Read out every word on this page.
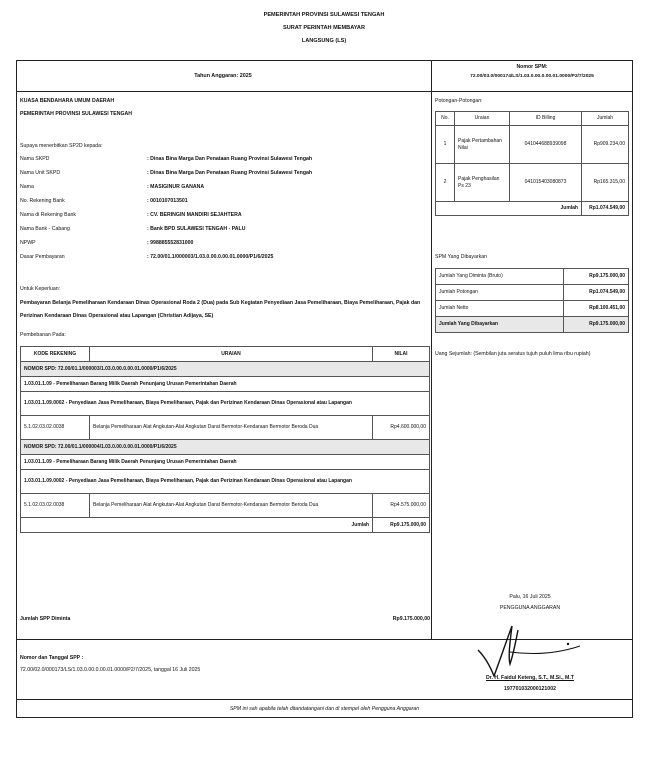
PEMERINTAH PROVINSI SULAWESI TENGAH
SURAT PERINTAH MEMBAYAR
LANGSUNG (LS)
Tahun Anggaran: 2025
Nomor SPM:
72.00/03.0/000174/LS/1.03.0.00.0.00.01.0000/P2/7/2025
KUASA BENDAHARA UMUM DAERAH
PEMERINTAH PROVINSI SULAWESI TENGAH
Supaya menerbitkan SP2D kepada:
Nama SKPD	: Dinas Bina Marga Dan Penataan Ruang Provinsi Sulawesi Tengah
Nama Unit SKPD	: Dinas Bina Marga Dan Penataan Ruang Provinsi Sulawesi Tengah
Nama	: MASIGINUR GANANA
No. Rekening Bank	: 0010107013501
Nama di Rekening Bank	: CV. BERINGIN MANDIRI SEJAHTERA
Nama Bank - Cabang	: Bank BPD SULAWESI TENGAH - PALU
NPWP	: 998885552831000
Dasar Pembayaran	: 72.00/01.1/000003/1.03.0.00.0.00.01.0000/P1/6/2025
Untuk Keperluan:
Pembayaran Belanja Pemeliharaan Kendaraan Dinas Operasional Roda 2 (Dua) pada Sub Kegiatan Penyediaan Jasa Pemeliharaan, Biaya Pemeliharaan, Pajak dan Perizinan Kendaraan Dinas Operasional atau Lapangan (Christian Adijaya, SE)
Pembebanan Pada:
KODE REKENING	URAIAN	NILAI
NOMOR SPD: 72.00/01.1/000003/1.03.0.00.0.00.01.0000/P1/6/2025		
1.03.01.1.09 - Pemeliharaan Barang Milik Daerah Penunjang Urusan Pemerintahan Daerah		
1.03.01.1.09.0002 - Penyediaan Jasa Pemeliharaan, Biaya Pemeliharaan, Pajak dan Perizinan Kendaraan Dinas Operasional atau Lapangan		
5.1.02.03.02.0038	Belanja Pemeliharaan Alat Angkutan-Alat Angkutan Darat Bermotor-Kendaraan Bermotor Beroda Dua	Rp4.600.000,00
NOMOR SPD: 72.00/01.1/000004/1.03.0.00.0.00.01.0000/P1/6/2025		
1.03.01.1.09 - Pemeliharaan Barang Milik Daerah Penunjang Urusan Pemerintahan Daerah		
1.03.01.1.09.0002 - Penyediaan Jasa Pemeliharaan, Biaya Pemeliharaan, Pajak dan Perizinan Kendaraan Dinas Operasional atau Lapangan		
5.1.02.03.02.0038	Belanja Pemeliharaan Alat Angkutan-Alat Angkutan Darat Bermotor-Kendaraan Bermotor Beroda Dua	Rp4.575.000,00
Jumlah		Rp9.175.000,00
Potongan-Potongan:
No.	Uraian	ID Billing	Jumlah
1	Pajak Pertambahan Nilai	041044688939098	Rp909.234,00
2	Pajak Penghasilan Ps 23	041015403080873	Rp165.315,00
Jumlah			Rp1.074.549,00
SPM Yang Dibayarkan
Jumlah Yang Diminta (Bruto)	Rp9.175.000,00
Jumlah Potongan	Rp1.074.549,00
Jumlah Netto	Rp8.100.451,00
Jumlah Yang Dibayarkan	Rp9.175.000,00
Uang Sejumlah: (Sembilan juta seratus tujuh puluh lima ribu rupiah)
Jumlah SPP Diminta	Rp9.175.000,00
Nomor dan Tanggal SPP :
72.00/02.0/000173/LS/1.03.0.00.0.00.01.0000/P2/7/2025, tanggal 16 Juli 2025
Palu, 16 Juli 2025
PENGGUNA ANGGARAN
Dr. H. Faidul Keteng, S.T., M.Si., M.T
197701032000121002
SPM ini sah apabila telah ditandatangani dan di stempel oleh Pengguna Anggaran
